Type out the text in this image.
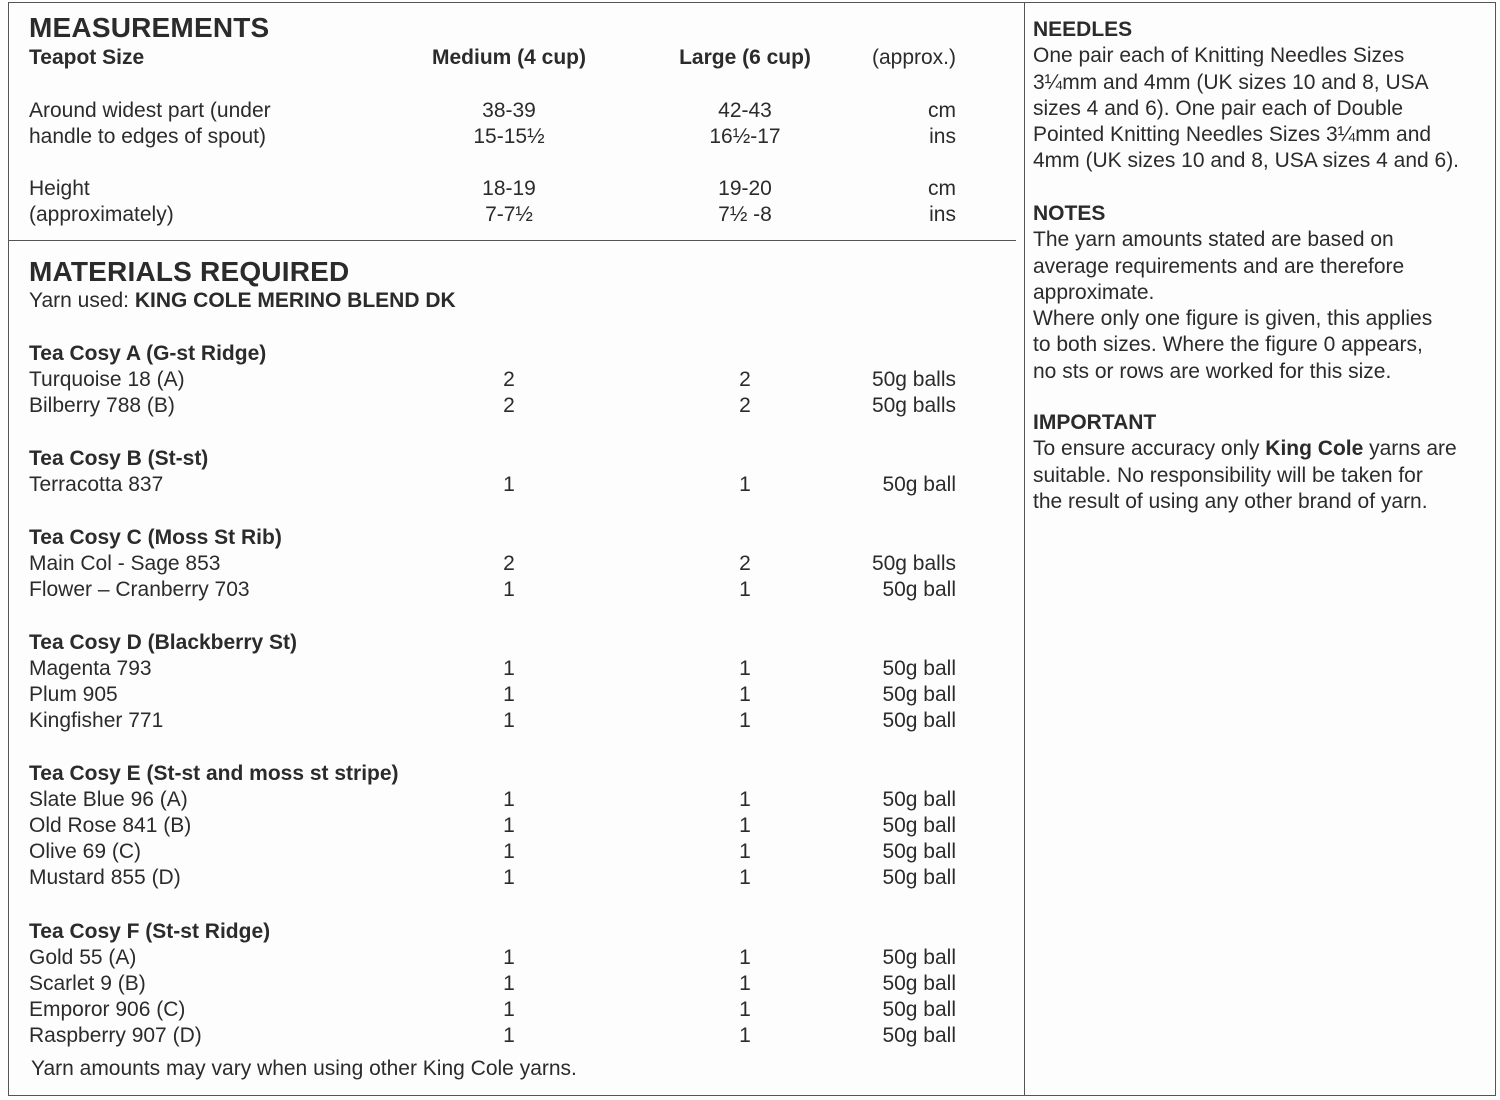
MEASUREMENTS
Teapot Size	Medium (4 cup)	Large (6 cup)	(approx.)
Around widest part (under	38-39	42-43	cm
handle to edges of spout)	15-15½	16½-17	ins
Height	18-19	19-20	cm
(approximately)	7-7½	7½ -8	ins
MATERIALS REQUIRED
Yarn used: KING COLE MERINO BLEND DK
Tea Cosy A (G-st Ridge)
Turquoise 18 (A)	2	2	50g balls
Bilberry 788 (B)	2	2	50g balls
Tea Cosy B (St-st)
Terracotta 837	1	1	50g ball
Tea Cosy C (Moss St Rib)
Main Col - Sage 853	2	2	50g balls
Flower – Cranberry 703	1	1	50g ball
Tea Cosy D (Blackberry St)
Magenta 793	1	1	50g ball
Plum 905	1	1	50g ball
Kingfisher 771	1	1	50g ball
Tea Cosy E (St-st and moss st stripe)
Slate Blue 96 (A)	1	1	50g ball
Old Rose 841 (B)	1	1	50g ball
Olive 69 (C)	1	1	50g ball
Mustard 855 (D)	1	1	50g ball
Tea Cosy F (St-st Ridge)
Gold 55 (A)	1	1	50g ball
Scarlet 9 (B)	1	1	50g ball
Emporor 906 (C)	1	1	50g ball
Raspberry 907 (D)	1	1	50g ball
Yarn amounts may vary when using other King Cole yarns.

NEEDLES

One pair each of Knitting Needles Sizes

3¼mm and 4mm (UK sizes 10 and 8, USA

sizes 4 and 6). One pair each of Double

Pointed Knitting Needles Sizes 3¼mm and

4mm (UK sizes 10 and 8, USA sizes 4 and 6).

NOTES

The yarn amounts stated are based on

average requirements and are therefore

approximate.

Where only one figure is given, this applies

to both sizes. Where the figure 0 appears,

no sts or rows are worked for this size.

IMPORTANT

To ensure accuracy only King Cole yarns are

suitable. No responsibility will be taken for

the result of using any other brand of yarn.
